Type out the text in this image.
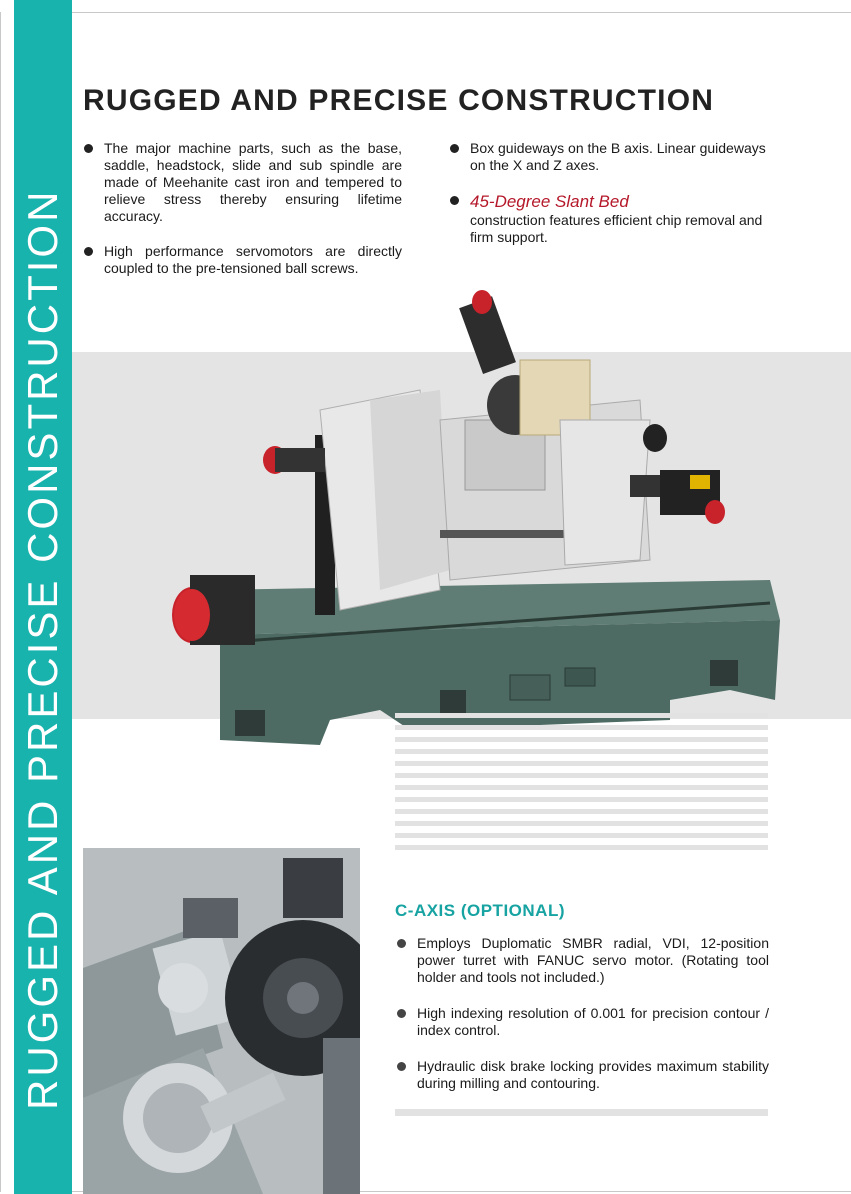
RUGGED AND PRECISE CONSTRUCTION
RUGGED AND PRECISE CONSTRUCTION
The major machine parts, such as the base, saddle, headstock, slide and sub spindle are made of Meehanite cast iron and tempered to relieve stress thereby ensuring lifetime accuracy.
High performance servomotors are directly coupled to the pre-tensioned ball screws.
Box guideways on the B axis. Linear guideways on the X and Z axes.
45-Degree Slant Bed
construction features efficient chip removal and firm support.
C-AXIS (OPTIONAL)
Employs Duplomatic SMBR radial, VDI, 12-position power turret with FANUC servo motor. (Rotating tool holder and tools not included.)
High indexing resolution of 0.001 for precision contour / index control.
Hydraulic disk brake locking provides maximum stability during milling and contouring.
